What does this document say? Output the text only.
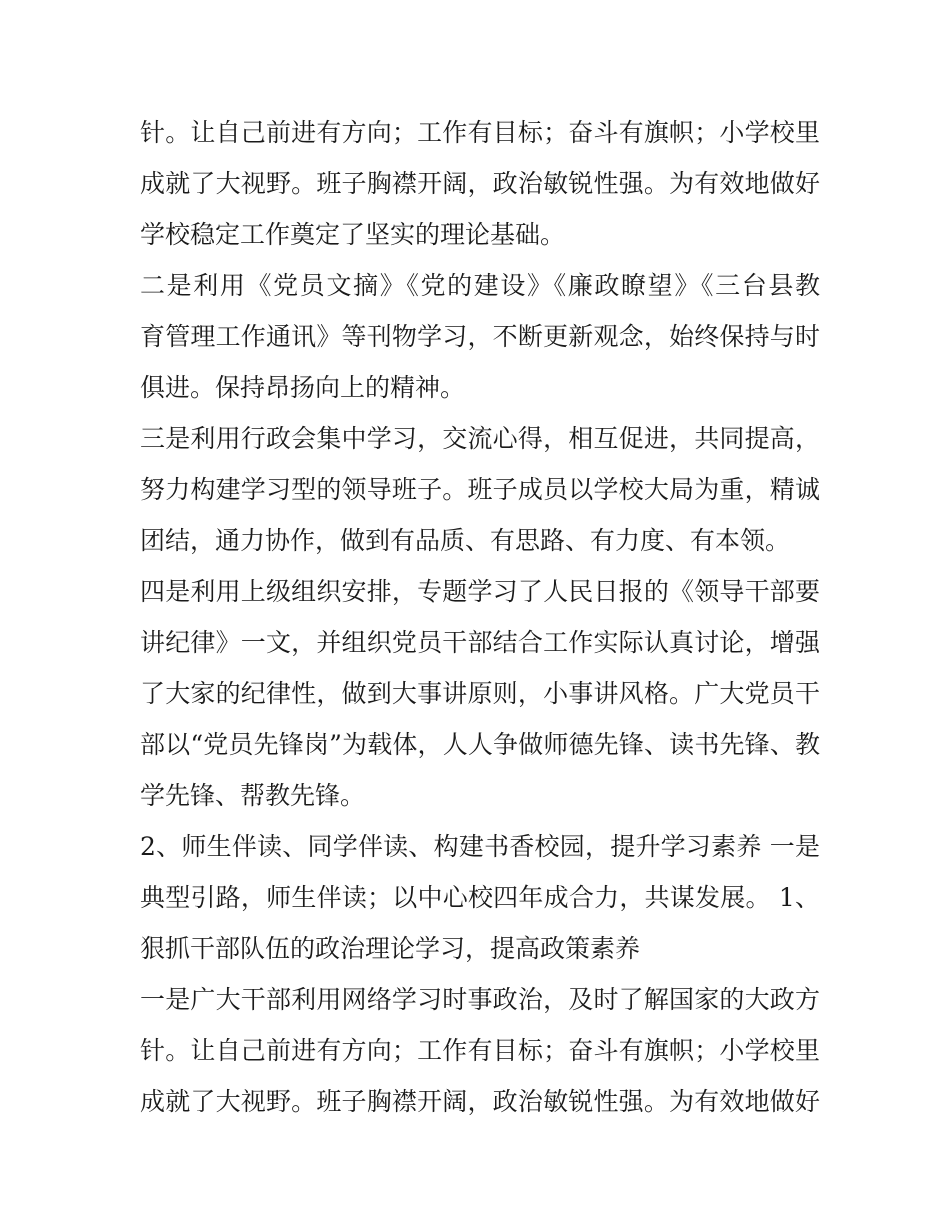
针。让自己前进有方向；工作有目标；奋斗有旗帜；小学校里
成就了大视野。班子胸襟开阔，政治敏锐性强。为有效地做好
学校稳定工作奠定了坚实的理论基础。
二是利用《党员文摘》《党的建设》《廉政瞭望》《三台县教
育管理工作通讯》等刊物学习，不断更新观念，始终保持与时
俱进。保持昂扬向上的精神。
三是利用行政会集中学习，交流心得，相互促进，共同提高，
努力构建学习型的领导班子。班子成员以学校大局为重，精诚
团结，通力协作，做到有品质、有思路、有力度、有本领。
四是利用上级组织安排，专题学习了人民日报的《领导干部要
讲纪律》一文，并组织党员干部结合工作实际认真讨论，增强
了大家的纪律性，做到大事讲原则，小事讲风格。广大党员干
部以“党员先锋岗”为载体，人人争做师德先锋、读书先锋、教
学先锋、帮教先锋。
2、师生伴读、同学伴读、构建书香校园，提升学习素养 一是
典型引路，师生伴读；以中心校四年成合力，共谋发展。 1、
狠抓干部队伍的政治理论学习，提高政策素养
一是广大干部利用网络学习时事政治，及时了解国家的大政方
针。让自己前进有方向；工作有目标；奋斗有旗帜；小学校里
成就了大视野。班子胸襟开阔，政治敏锐性强。为有效地做好
